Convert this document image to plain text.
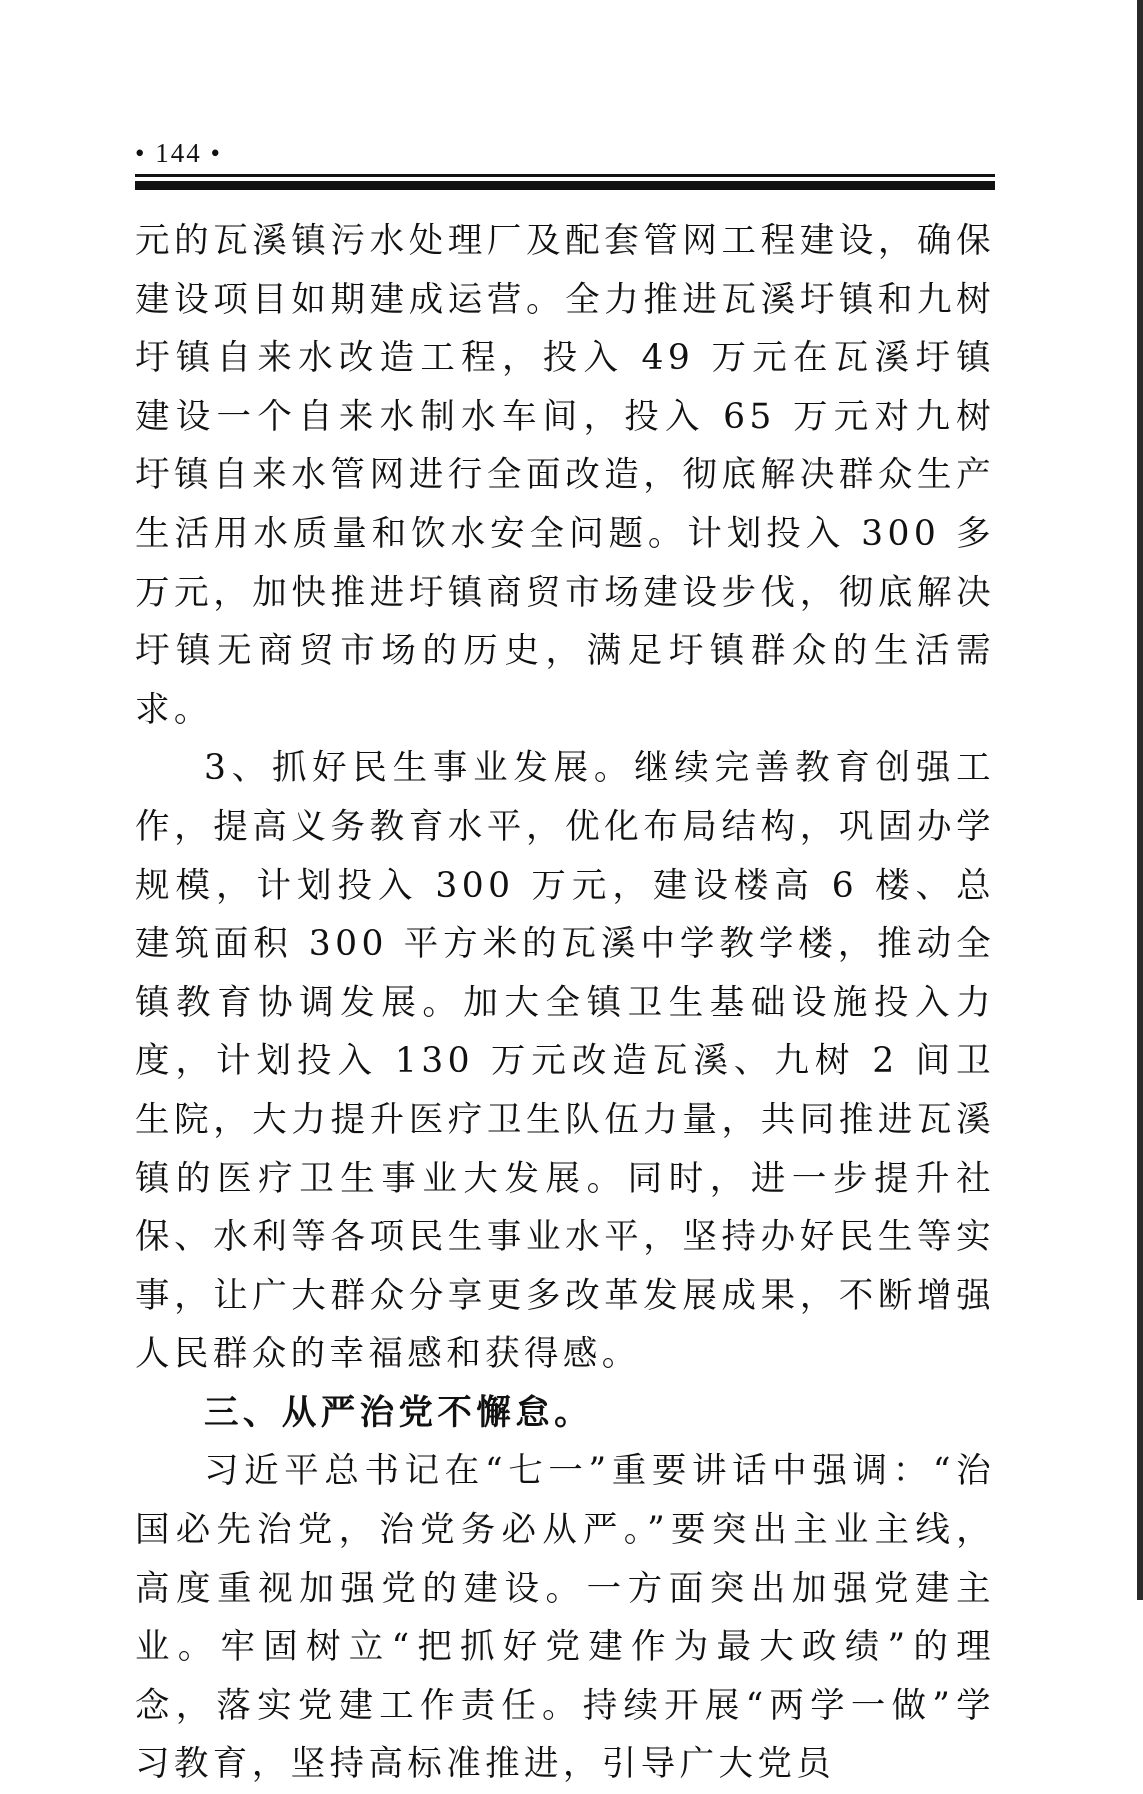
• 144 •

元的瓦溪镇污水处理厂及配套管网工程建设，确保建设项目如期建成运营。全力推进瓦溪圩镇和九树圩镇自来水改造工程，投入 49 万元在瓦溪圩镇建设一个自来水制水车间，投入 65 万元对九树圩镇自来水管网进行全面改造，彻底解决群众生产生活用水质量和饮水安全问题。计划投入 300 多万元，加快推进圩镇商贸市场建设步伐，彻底解决圩镇无商贸市场的历史，满足圩镇群众的生活需求。

3、抓好民生事业发展。继续完善教育创强工作，提高义务教育水平，优化布局结构，巩固办学规模，计划投入 300 万元，建设楼高 6 楼、总建筑面积 300 平方米的瓦溪中学教学楼，推动全镇教育协调发展。加大全镇卫生基础设施投入力度，计划投入 130 万元改造瓦溪、九树 2 间卫生院，大力提升医疗卫生队伍力量，共同推进瓦溪镇的医疗卫生事业大发展。同时，进一步提升社保、水利等各项民生事业水平，坚持办好民生等实事，让广大群众分享更多改革发展成果，不断增强人民群众的幸福感和获得感。

三、从严治党不懈怠。

习近平总书记在“七一”重要讲话中强调：“治国必先治党，治党务必从严。”要突出主业主线，高度重视加强党的建设。一方面突出加强党建主业。牢固树立“把抓好党建作为最大政绩”的理念，落实党建工作责任。持续开展“两学一做”学习教育，坚持高标准推进，引导广大党员
